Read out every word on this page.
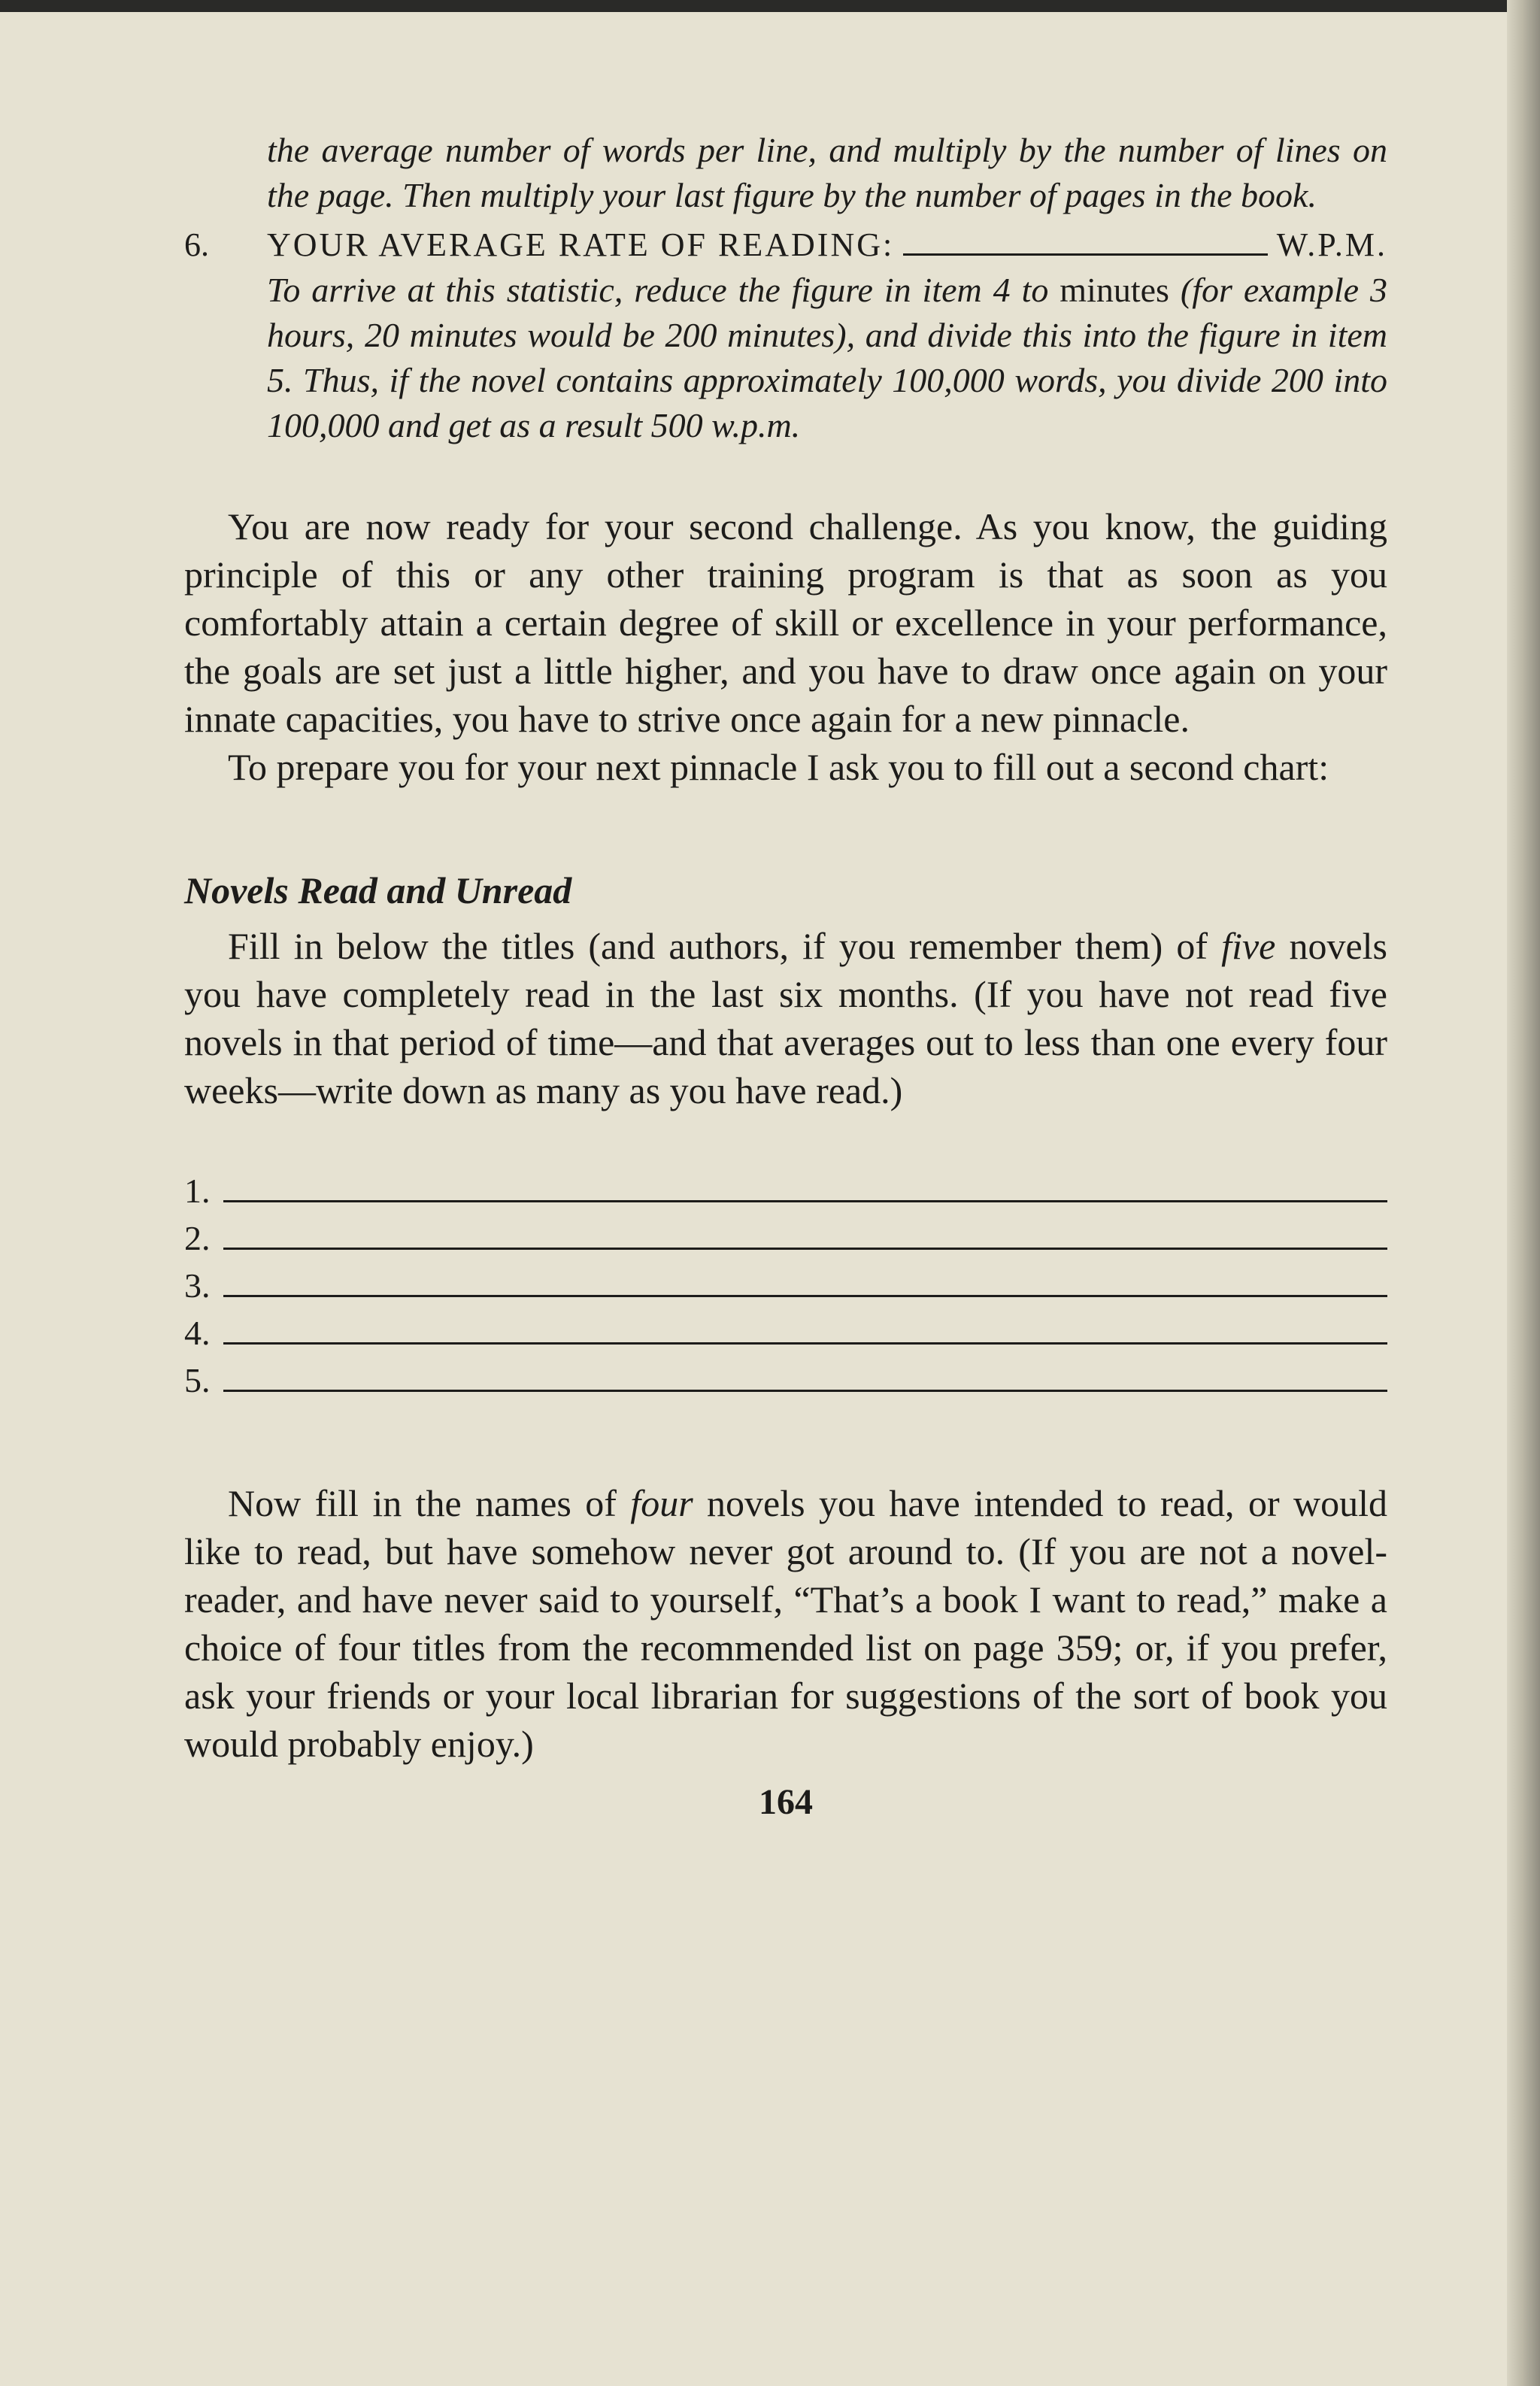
the average number of words per line, and multiply by the number of lines on the page. Then multiply your last figure by the number of pages in the book.
6.	YOUR AVERAGE RATE OF READING:	W.P.M.
To arrive at this statistic, reduce the figure in item 4 to minutes (for example 3 hours, 20 minutes would be 200 minutes), and divide this into the figure in item 5. Thus, if the novel contains approximately 100,000 words, you divide 200 into 100,000 and get as a result 500 w.p.m.

You are now ready for your second challenge. As you know, the guiding principle of this or any other training program is that as soon as you comfortably attain a certain degree of skill or excellence in your performance, the goals are set just a little higher, and you have to draw once again on your innate capacities, you have to strive once again for a new pinnacle.

To prepare you for your next pinnacle I ask you to fill out a second chart:

Novels Read and Unread

Fill in below the titles (and authors, if you remember them) of five novels you have completely read in the last six months. (If you have not read five novels in that period of time—and that averages out to less than one every four weeks—write down as many as you have read.)

1.
2.
3.
4.
5.

Now fill in the names of four novels you have intended to read, or would like to read, but have somehow never got around to. (If you are not a novel-reader, and have never said to yourself, “That’s a book I want to read,” make a choice of four titles from the recommended list on page 359; or, if you prefer, ask your friends or your local librarian for suggestions of the sort of book you would probably enjoy.)

164
